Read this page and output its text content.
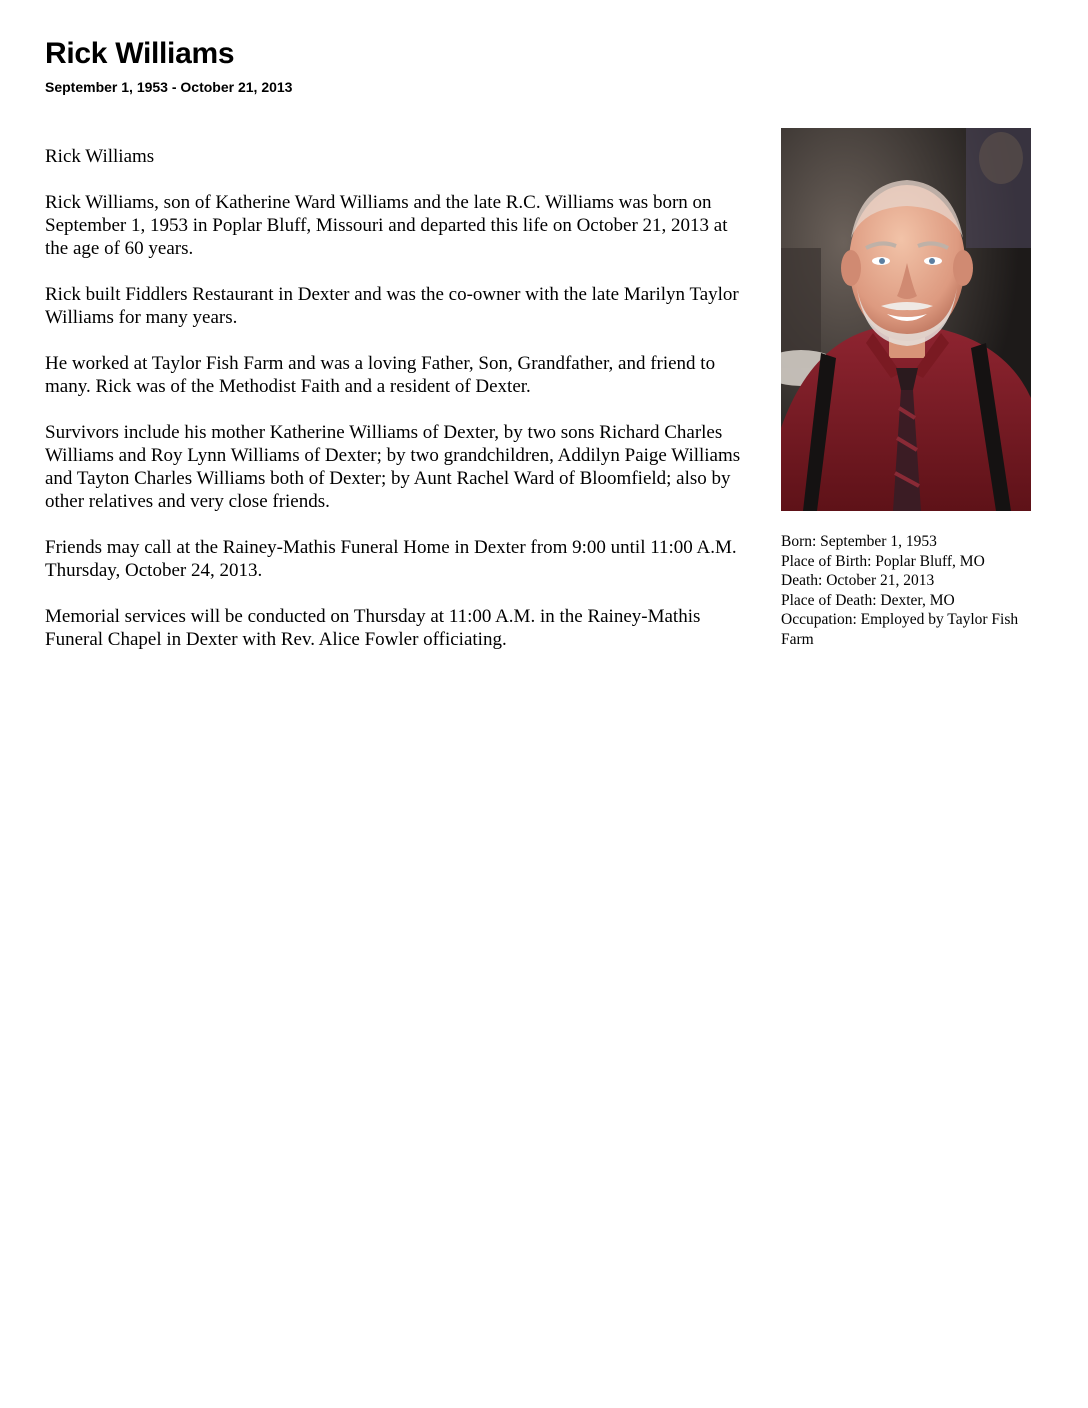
Rick Williams
September 1, 1953 - October 21, 2013

Rick Williams

Rick Williams, son of Katherine Ward Williams and the late R.C. Williams was born on September 1, 1953 in Poplar Bluff, Missouri and departed this life on October 21, 2013 at the age of 60 years.

Rick built Fiddlers Restaurant in Dexter and was the co-owner with the late Marilyn Taylor Williams for many years.

He worked at Taylor Fish Farm and was a loving Father, Son, Grandfather, and friend to many. Rick was of the Methodist Faith and a resident of Dexter.

Survivors include his mother Katherine Williams of Dexter, by two sons Richard Charles Williams and Roy Lynn Williams of Dexter; by two grandchildren, Addilyn Paige Williams and Tayton Charles Williams both of Dexter; by Aunt Rachel Ward of Bloomfield; also by other relatives and very close friends.

Friends may call at the Rainey-Mathis Funeral Home in Dexter from 9:00 until 11:00 A.M. Thursday, October 24, 2013.

Memorial services will be conducted on Thursday at 11:00 A.M. in the Rainey-Mathis Funeral Chapel in Dexter with Rev. Alice Fowler officiating.

Born: September 1, 1953
Place of Birth: Poplar Bluff, MO
Death: October 21, 2013
Place of Death: Dexter, MO
Occupation: Employed by Taylor Fish Farm
